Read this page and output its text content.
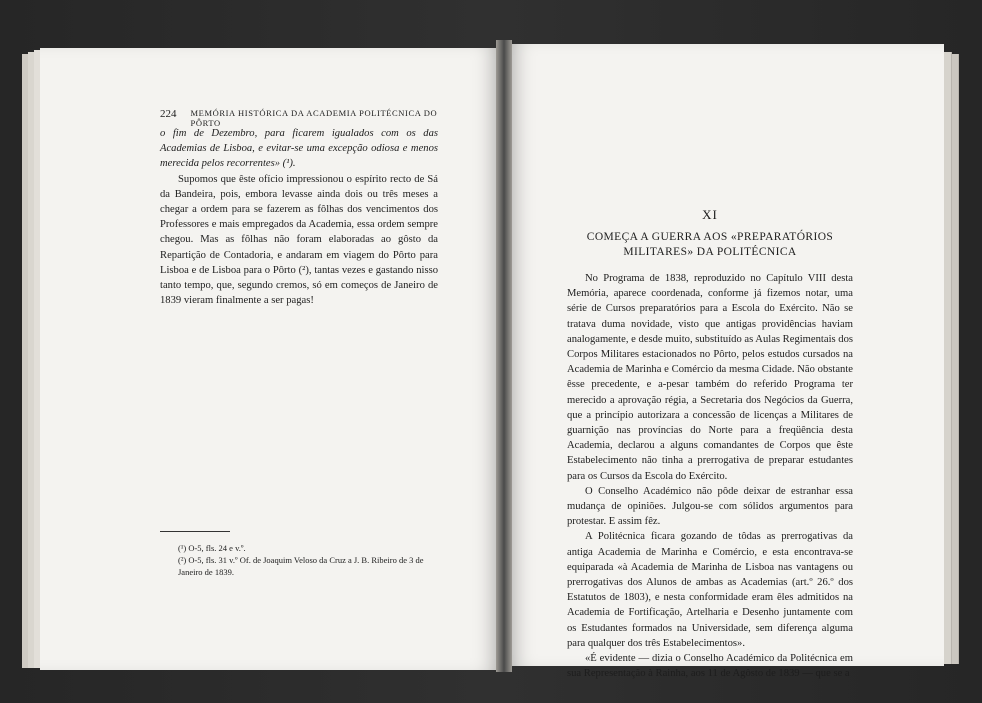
224 MEMÓRIA HISTÓRICA DA ACADEMIA POLITÉCNICA DO PÔRTO

o fim de Dezembro, para ficarem igualados com os das Academias de Lisboa, e evitar-se uma excepção odiosa e menos merecida pelos recorrentes» (¹).

Supomos que êste ofício impressionou o espírito recto de Sá da Bandeira, pois, embora levasse ainda dois ou três meses a chegar a ordem para se fazerem as fôlhas dos vencimentos dos Professores e mais empregados da Academia, essa ordem sempre chegou. Mas as fôlhas não foram elaboradas ao gôsto da Repartição de Contadoria, e andaram em viagem do Pôrto para Lisboa e de Lisboa para o Pôrto (²), tantas vezes e gastando nisso tanto tempo, que, segundo cremos, só em começos de Janeiro de 1839 vieram finalmente a ser pagas!

(¹) O-5, fls. 24 e v.º.

(²) O-5, fls. 31 v.º Of. de Joaquim Veloso da Cruz a J. B. Ribeiro de 3 de Janeiro de 1839.

XI

COMEÇA A GUERRA AOS «PREPARATÓRIOS

MILITARES» DA POLITÉCNICA

No Programa de 1838, reproduzido no Capítulo VIII desta Memória, aparece coordenada, conforme já fizemos notar, uma série de Cursos preparatórios para a Escola do Exército. Não se tratava duma novidade, visto que antigas providências haviam analogamente, e desde muito, substituído as Aulas Regimentais dos Corpos Militares estacionados no Pôrto, pelos estudos cursados na Academia de Marinha e Comércio da mesma Cidade. Não obstante êsse precedente, e a-pesar também do referido Programa ter merecido a aprovação régia, a Secretaria dos Negócios da Guerra, que a princípio autorizara a concessão de licenças a Militares de guarnição nas províncias do Norte para a freqüência desta Academia, declarou a alguns comandantes de Corpos que êste Estabelecimento não tinha a prerrogativa de preparar estudantes para os Cursos da Escola do Exército.

O Conselho Académico não pôde deixar de estranhar essa mudança de opiniões. Julgou-se com sólidos argumentos para protestar. E assim fêz.

A Politécnica ficara gozando de tôdas as prerrogativas da antiga Academia de Marinha e Comércio, e esta encontrava-se equiparada «à Academia de Marinha de Lisboa nas vantagens ou prerrogativas dos Alunos de ambas as Academias (art.º 26.º dos Estatutos de 1803), e nesta conformidade eram êles admitidos na Academia de Fortificação, Artelharia e Desenho juntamente com os Estudantes formados na Universidade, sem diferença alguma para qualquer dos três Estabelecimentos».

«É evidente — dizia o Conselho Académico da Politécnica em sua Representação à Rainha, aos 11 de Agôsto de 1839 — que se a
